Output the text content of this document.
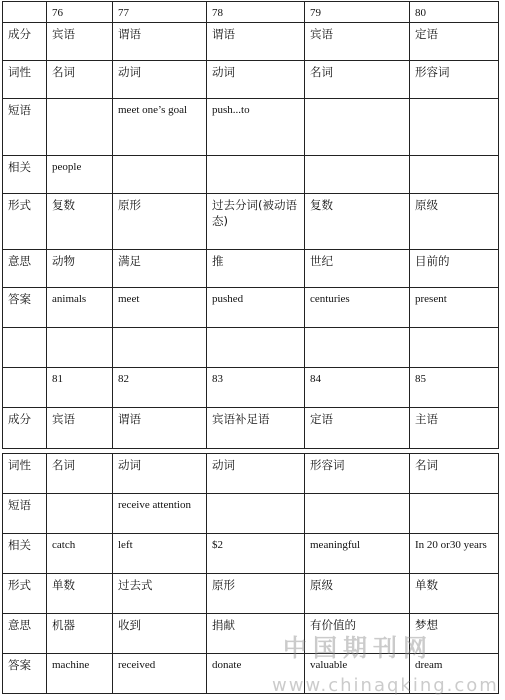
	76	77	78	79	80
成分	宾语	谓语	谓语	宾语	定语
词性	名词	动词	动词	名词	形容词
短语		meet one’s goal	push...to		
相关	people				
形式	复数	原形	过去分词(被动语态)	复数	原级
意思	动物	满足	推	世纪	目前的
答案	animals	meet	pushed	centuries	present

	81	82	83	84	85
成分	宾语	谓语	宾语补足语	定语	主语
词性	名词	动词	动词	形容词	名词
短语		receive attention			
相关	catch	left	$2	meaningful	In 20 or30 years
形式	单数	过去式	原形	原级	单数
意思	机器	收到	捐献	有价值的	梦想
答案	machine	received	donate	valuable	dream
中国期刊网
www.chinaqking.com
